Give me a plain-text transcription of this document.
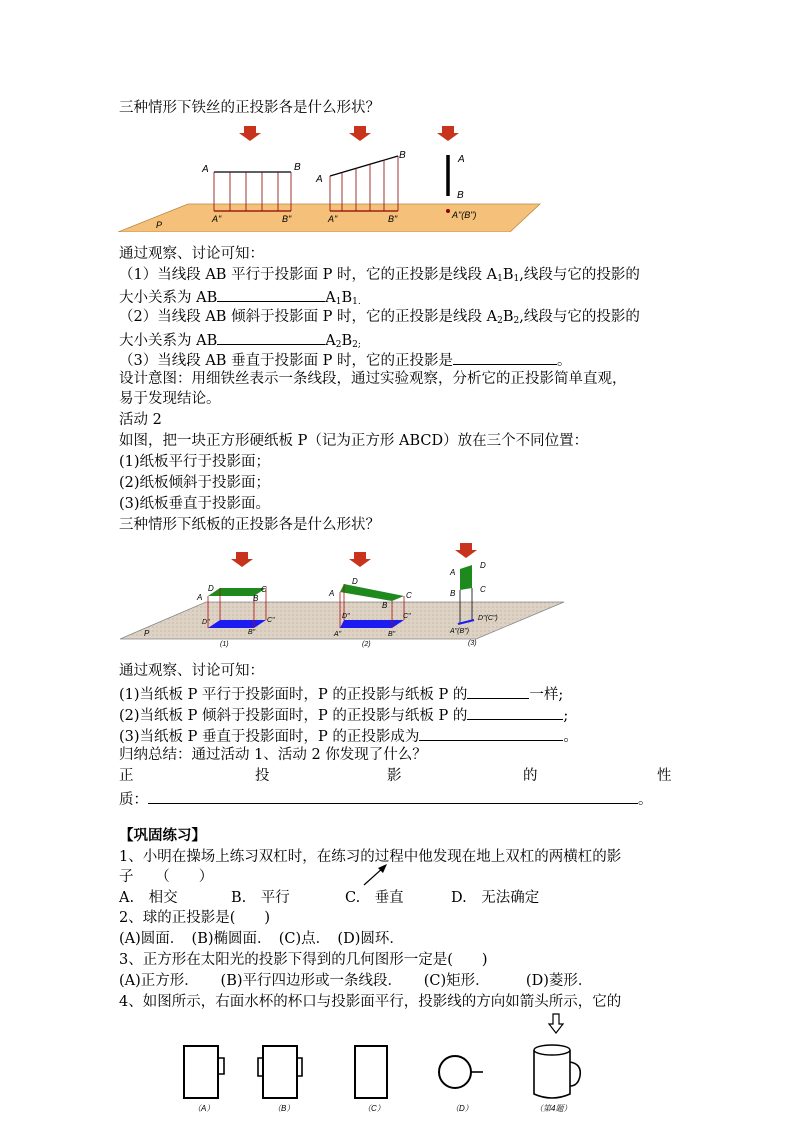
三种情形下铁丝的正投影各是什么形状？
A	B
A"	B"
P
A
B
A"	B"
A
B
A"(B")
通过观察、讨论可知：
（1）当线段 AB 平行于投影面 P 时，它的正投影是线段 $A_1B_1$,线段与它的投影的
大小关系为 AB	$A_1B_{1.}$
（2）当线段 AB 倾斜于投影面 P 时，它的正投影是线段 $A_2B_2$,线段与它的投影的
大小关系为 AB	$A_2B_{2;}$
（3）当线段 AB 垂直于投影面 P 时，它的正投影是	。
设计意图：用细铁丝表示一条线段，通过实验观察，分析它的正投影简单直观，
易于发现结论。
活动 2
如图，把一块正方形硬纸板 P（记为正方形 ABCD）放在三个不同位置：
(1)纸板平行于投影面；
(2)纸板倾斜于投影面；
(3)纸板垂直于投影面。
三种情形下纸板的正投影各是什么形状？
D	C
A	B
D"	C"
B"
(1)
P
D
C
A
B
D"	C"
A"	B"
(2)
A
D
B	C
D"(C")
A"(B")
(3)
通过观察、讨论可知：
(1)当纸板 P 平行于投影面时，P 的正投影与纸板 P 的	一样;
(2)当纸板 P 倾斜于投影面时，P 的正投影与纸板 P 的	;
(3)当纸板 P 垂直于投影面时，P 的正投影成为	。
归纳总结：通过活动 1、活动 2 你发现了什么？
正	投	影	的	性
质：	。
【巩固练习】
1、小明在操场上练习双杠时，在练习的过程中他发现在地上双杠的两横杠的影
子　　（　　）
A.　相交	B.　平行	C.　垂直	D.　无法确定
2、球的正投影是(　　)
(A)圆面．　(B)椭圆面．　(C)点．　(D)圆环．
3、正方形在太阳光的投影下得到的几何图形一定是(　　)
(A)正方形．　　(B)平行四边形或一条线段．　　(C)矩形．　　　(D)菱形．
4、如图所示，右面水杯的杯口与投影面平行，投影线的方向如箭头所示，它的
（A）	（B）	（C）	（D）	（第4题）
